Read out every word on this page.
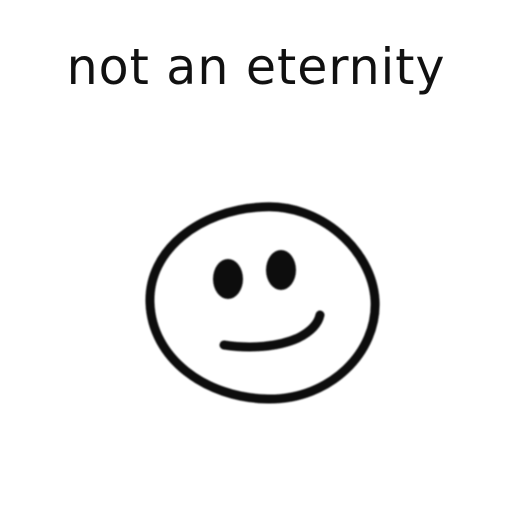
not an eternity
